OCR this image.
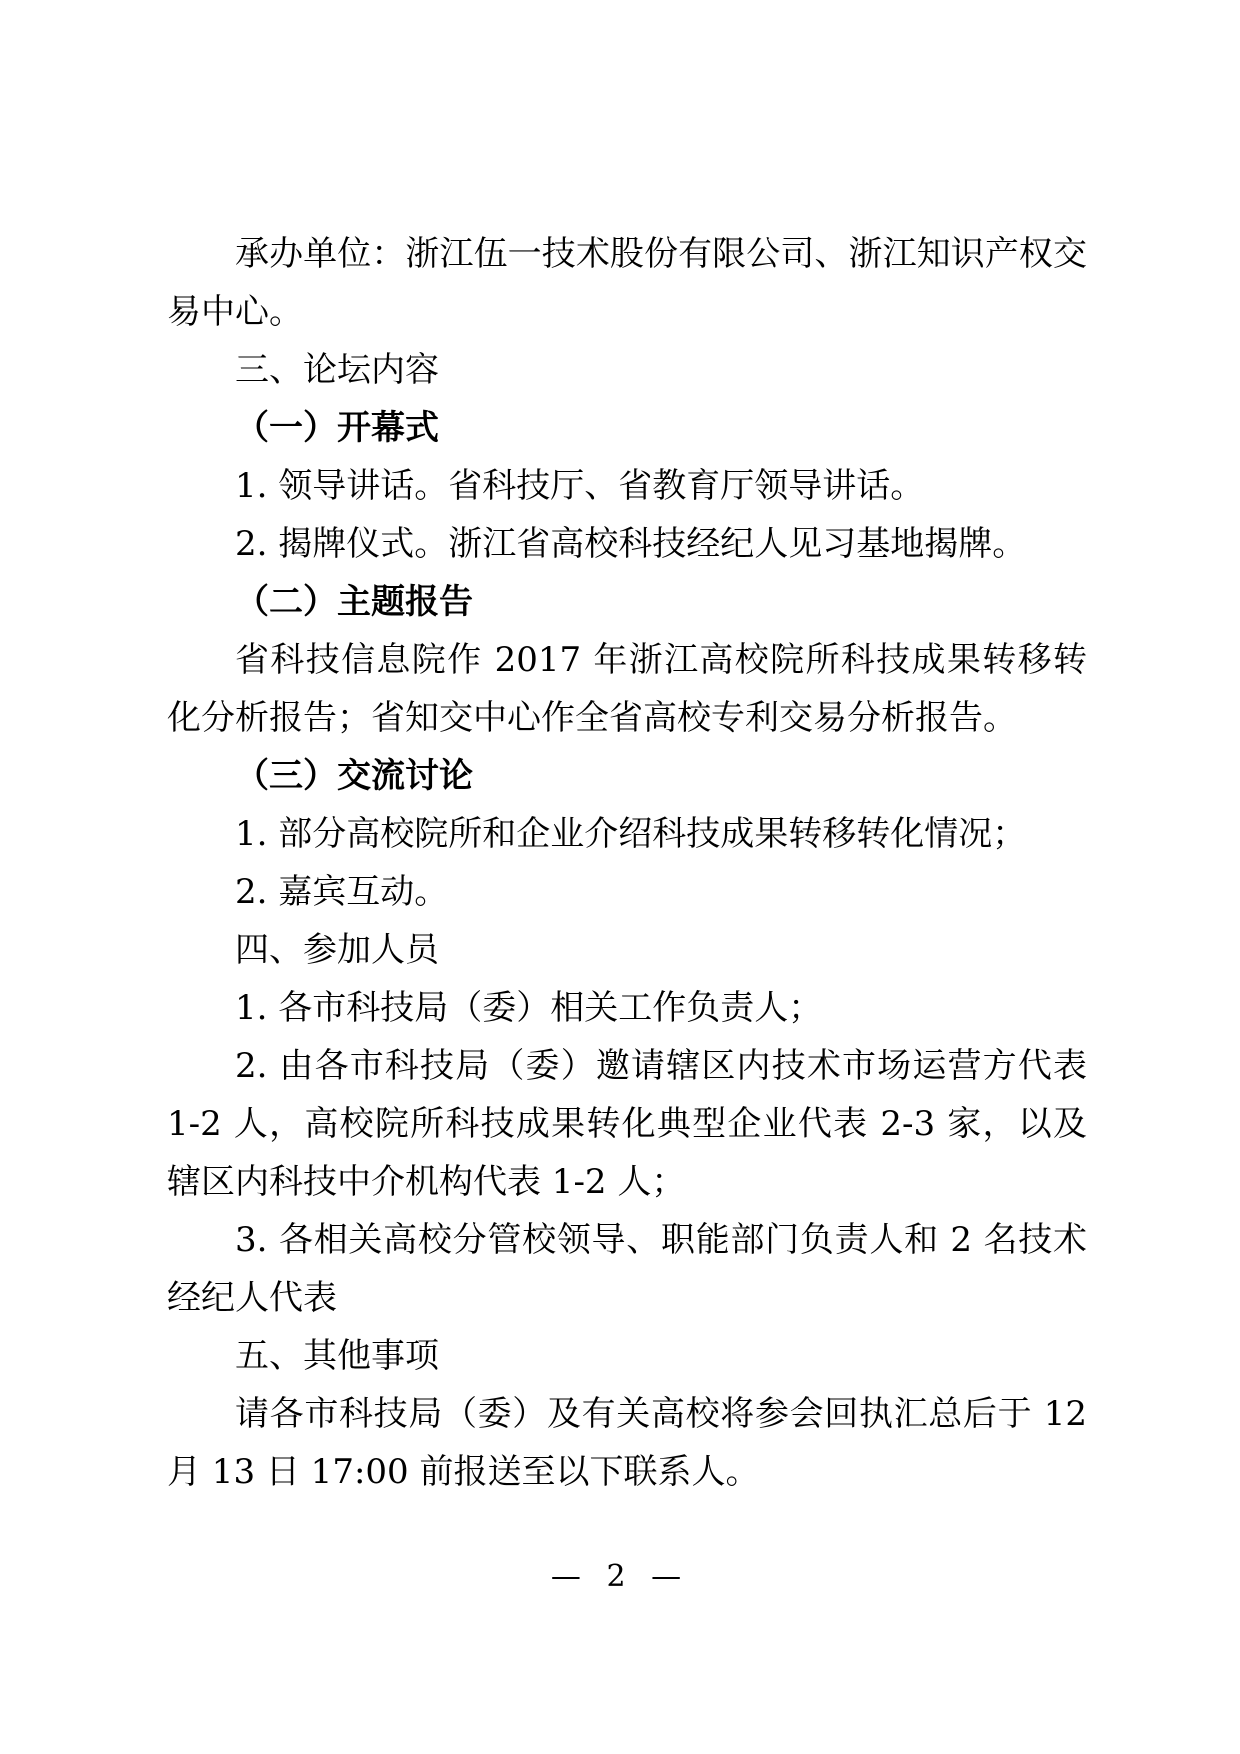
承办单位：浙江伍一技术股份有限公司、浙江知识产权交易中心。

三、论坛内容

（一）开幕式

1. 领导讲话。省科技厅、省教育厅领导讲话。

2. 揭牌仪式。浙江省高校科技经纪人见习基地揭牌。

（二）主题报告

省科技信息院作 2017 年浙江高校院所科技成果转移转化分析报告；省知交中心作全省高校专利交易分析报告。

（三）交流讨论

1. 部分高校院所和企业介绍科技成果转移转化情况；

2. 嘉宾互动。

四、参加人员

1. 各市科技局（委）相关工作负责人；

2. 由各市科技局（委）邀请辖区内技术市场运营方代表 1-2 人，高校院所科技成果转化典型企业代表 2-3 家，以及辖区内科技中介机构代表 1-2 人；

3. 各相关高校分管校领导、职能部门负责人和 2 名技术经纪人代表

五、其他事项

请各市科技局（委）及有关高校将参会回执汇总后于 12 月 13 日 17:00 前报送至以下联系人。

— 2 —
